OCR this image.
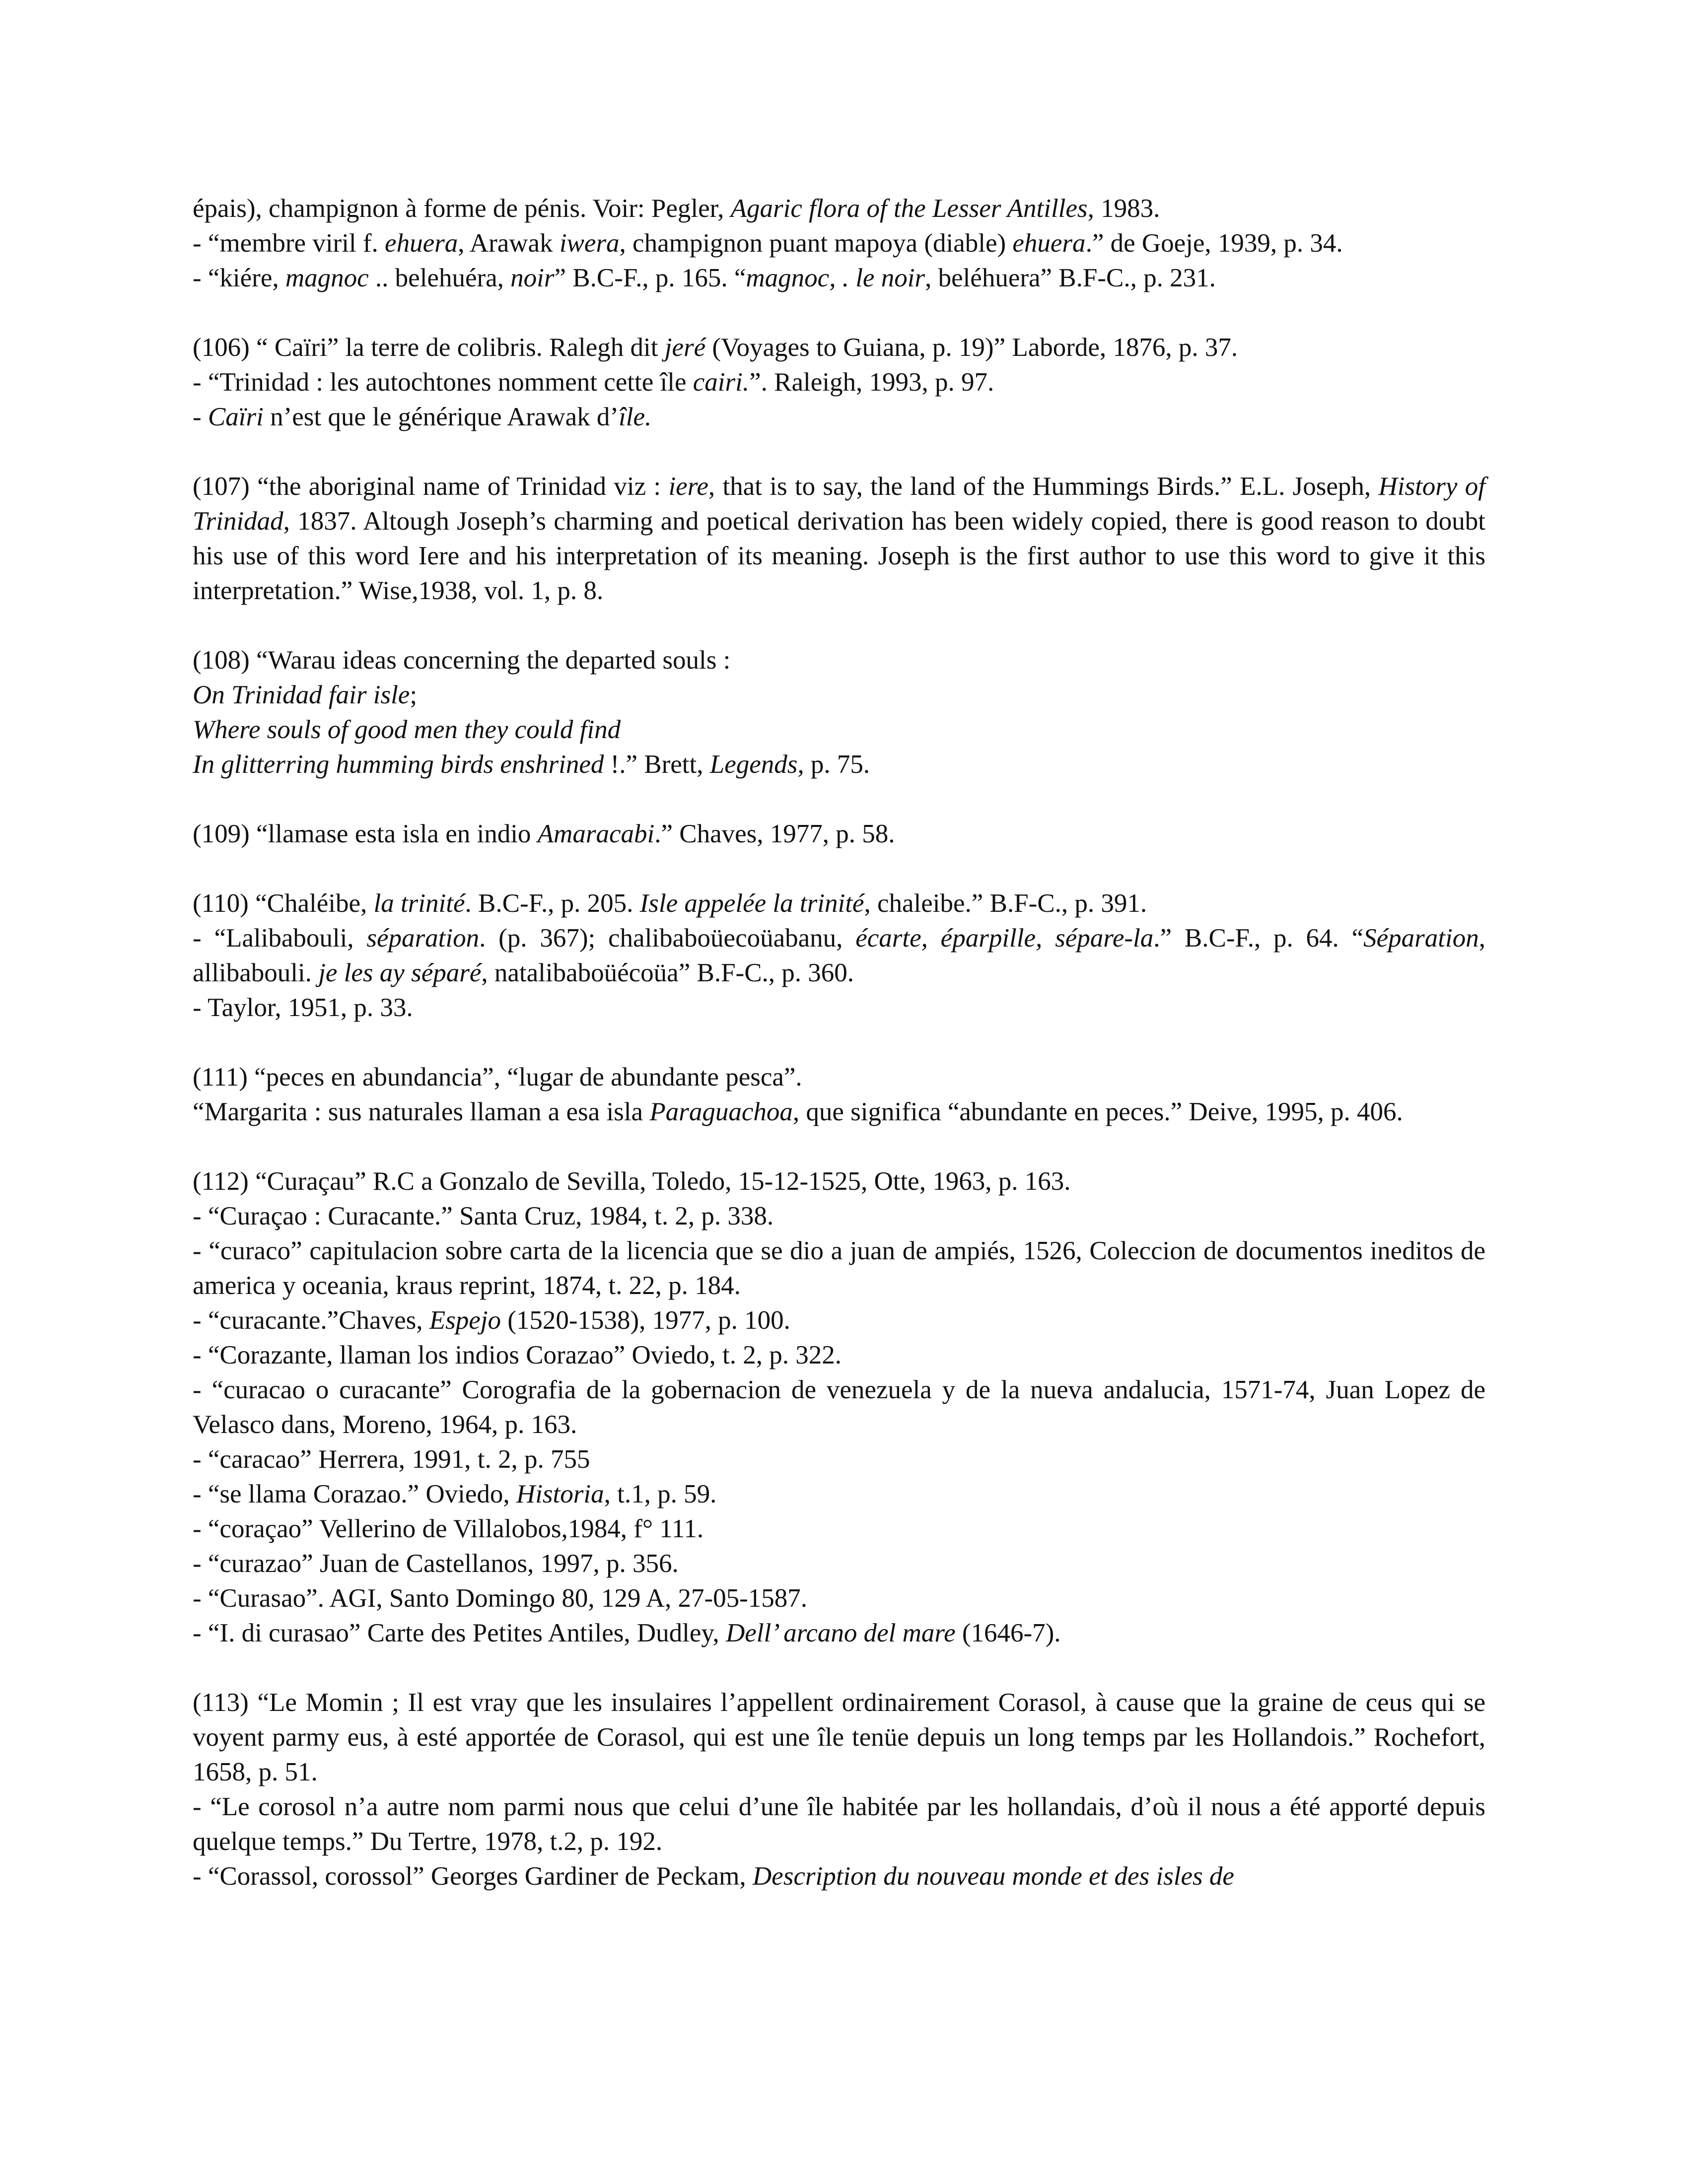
épais), champignon à forme de pénis. Voir: Pegler, Agaric flora of the Lesser Antilles, 1983.

- “membre viril f. ehuera, Arawak iwera, champignon puant mapoya (diable) ehuera.” de Goeje, 1939, p. 34.

- “kiére, magnoc .. belehuéra, noir” B.C-F., p. 165. “magnoc, . le noir, beléhuera” B.F-C., p. 231.

(106) “ Caïri” la terre de colibris. Ralegh dit jeré (Voyages to Guiana, p. 19)” Laborde, 1876, p. 37.

- “Trinidad : les autochtones nomment cette île cairi.”. Raleigh, 1993, p. 97.

- Caïri n’est que le générique Arawak d’île.

(107) “the aboriginal name of Trinidad viz : iere, that is to say, the land of the Hummings Birds.” E.L. Joseph, History of Trinidad, 1837. Altough Joseph’s charming and poetical derivation has been widely copied, there is good reason to doubt his use of this word Iere and his interpretation of its meaning. Joseph is the first author to use this word to give it this interpretation.” Wise,1938, vol. 1, p. 8.

(108) “Warau ideas concerning the departed souls :

On Trinidad fair isle;

Where souls of good men they could find

In glitterring humming birds enshrined !.” Brett, Legends, p. 75.

(109) “llamase esta isla en indio Amaracabi.” Chaves, 1977, p. 58.

(110) “Chaléibe, la trinité. B.C-F., p. 205. Isle appelée la trinité, chaleibe.” B.F-C., p. 391.

- “Lalibabouli, séparation. (p. 367); chalibaboüecoüabanu, écarte, éparpille, sépare-la.” B.C-F., p. 64. “Séparation, allibabouli. je les ay séparé, natalibaboüécoüa” B.F-C., p. 360.

- Taylor, 1951, p. 33.

(111) “peces en abundancia”, “lugar de abundante pesca”.

“Margarita : sus naturales llaman a esa isla Paraguachoa, que significa “abundante en peces.” Deive, 1995, p. 406.

(112) “Curaçau” R.C a Gonzalo de Sevilla, Toledo, 15-12-1525, Otte, 1963, p. 163.

- “Curaçao : Curacante.” Santa Cruz, 1984, t. 2, p. 338.

- “curaco” capitulacion sobre carta de la licencia que se dio a juan de ampiés, 1526, Coleccion de documentos ineditos de america y oceania, kraus reprint, 1874, t. 22, p. 184.

- “curacante.”Chaves, Espejo (1520-1538), 1977, p. 100.

- “Corazante, llaman los indios Corazao” Oviedo, t. 2, p. 322.

- “curacao o curacante” Corografia de la gobernacion de venezuela y de la nueva andalucia, 1571-74, Juan Lopez de Velasco dans, Moreno, 1964, p. 163.

- “caracao” Herrera, 1991, t. 2, p. 755

- “se llama Corazao.” Oviedo, Historia, t.1, p. 59.

- “coraçao” Vellerino de Villalobos,1984, f° 111.

- “curazao” Juan de Castellanos, 1997, p. 356.

- “Curasao”. AGI, Santo Domingo 80, 129 A, 27-05-1587.

- “I. di curasao” Carte des Petites Antiles, Dudley, Dell’ arcano del mare (1646-7).

(113) “Le Momin ; Il est vray que les insulaires l’appellent ordinairement Corasol, à cause que la graine de ceus qui se voyent parmy eus, à esté apportée de Corasol, qui est une île tenüe depuis un long temps par les Hollandois.” Rochefort, 1658, p. 51.

- “Le corosol n’a autre nom parmi nous que celui d’une île habitée par les hollandais, d’où il nous a été apporté depuis quelque temps.” Du Tertre, 1978, t.2, p. 192.

- “Corassol, corossol” Georges Gardiner de Peckam, Description du nouveau monde et des isles de
